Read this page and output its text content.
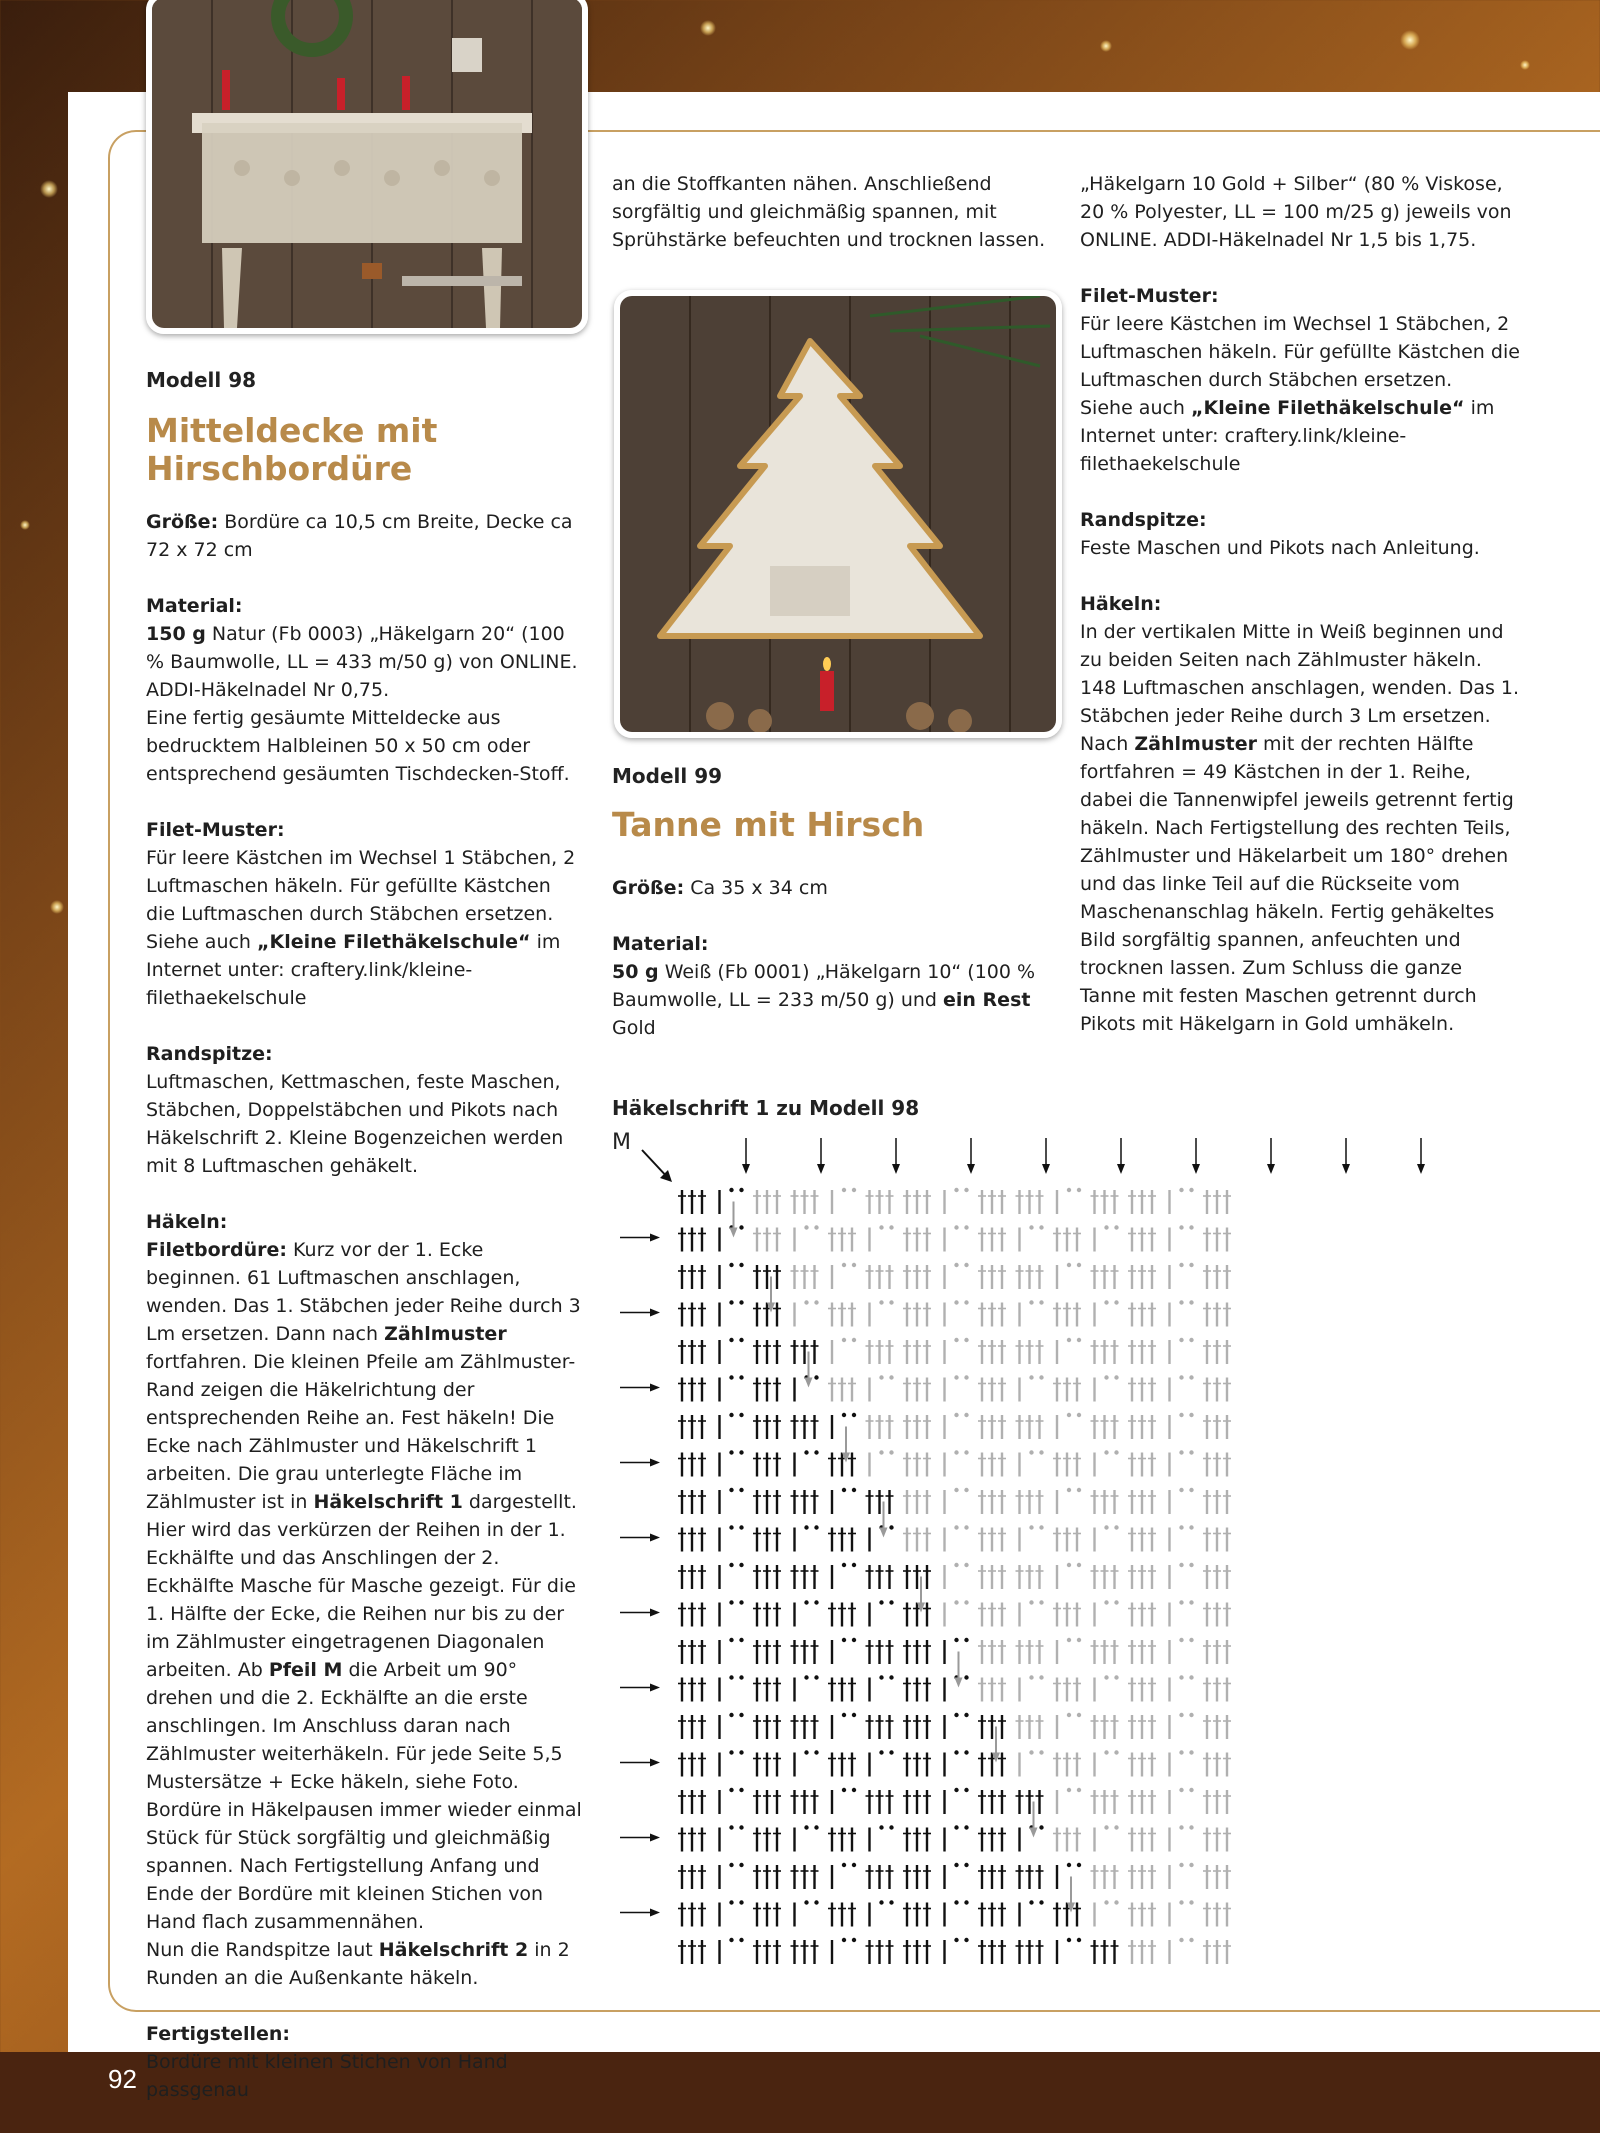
92
Modell 98
Mitteldecke mit
Hirschbordüre

Größe: Bordüre ca 10,5 cm Breite, Decke ca 72 x 72 cm

Material:

150 g Natur (Fb 0003) „Häkelgarn 20“ (100 % Baumwolle, LL = 433 m/50 g) von ONLINE. ADDI-Häkelnadel Nr 0,75.

Eine fertig gesäumte Mitteldecke aus bedrucktem Halbleinen 50 x 50 cm oder entsprechend gesäumten Tischdecken-Stoff.

Filet-Muster:

Für leere Kästchen im Wechsel 1 Stäbchen, 2 Luftmaschen häkeln. Für gefüllte Kästchen die Luftmaschen durch Stäbchen ersetzen.

Siehe auch „Kleine Filethäkelschule“ im Internet unter: craftery.link/kleine-filethaekelschule

Randspitze:

Luftmaschen, Kettmaschen, feste Maschen, Stäbchen, Doppelstäbchen und Pikots nach Häkelschrift 2. Kleine Bogenzeichen werden mit 8 Luftmaschen gehäkelt.

Häkeln:

Filetbordüre: Kurz vor der 1. Ecke beginnen. 61 Luftmaschen anschlagen, wenden. Das 1. Stäbchen jeder Reihe durch 3 Lm ersetzen. Dann nach Zählmuster fortfahren. Die kleinen Pfeile am Zählmuster-Rand zeigen die Häkelrichtung der entsprechenden Reihe an. Fest häkeln! Die Ecke nach Zählmuster und Häkelschrift 1 arbeiten. Die grau unterlegte Fläche im Zählmuster ist in Häkelschrift 1 dargestellt. Hier wird das verkürzen der Reihen in der 1. Eckhälfte und das Anschlingen der 2. Eckhälfte Masche für Masche gezeigt. Für die 1. Hälfte der Ecke, die Reihen nur bis zu der im Zählmuster eingetragenen Diagonalen arbeiten. Ab Pfeil M die Arbeit um 90° drehen und die 2. Eckhälfte an die erste anschlingen. Im Anschluss daran nach Zählmuster weiterhäkeln. Für jede Seite 5,5 Mustersätze + Ecke häkeln, siehe Foto. Bordüre in Häkelpausen immer wieder einmal Stück für Stück sorgfältig und gleichmäßig spannen. Nach Fertigstellung Anfang und Ende der Bordüre mit kleinen Stichen von Hand flach zusammennähen.

Nun die Randspitze laut Häkelschrift 2 in 2 Runden an die Außenkante häkeln.

Fertigstellen:

Bordüre mit kleinen Stichen von Hand passgenau

an die Stoffkanten nähen. Anschließend sorgfältig und gleichmäßig spannen, mit Sprühstärke befeuchten und trocknen lassen.

Modell 99
Tanne mit Hirsch

Größe: Ca 35 x 34 cm

Material:

50 g Weiß (Fb 0001) „Häkelgarn 10“ (100 % Baumwolle, LL = 233 m/50 g) und ein Rest Gold

„Häkelgarn 10 Gold + Silber“ (80 % Viskose, 20 % Polyester, LL = 100 m/25 g) jeweils von ONLINE. ADDI-Häkelnadel Nr 1,5 bis 1,75.

Filet-Muster:

Für leere Kästchen im Wechsel 1 Stäbchen, 2 Luftmaschen häkeln. Für gefüllte Kästchen die Luftmaschen durch Stäbchen ersetzen.

Siehe auch „Kleine Filethäkelschule“ im Internet unter: craftery.link/kleine-filethaekelschule

Randspitze:

Feste Maschen und Pikots nach Anleitung.

Häkeln:

In der vertikalen Mitte in Weiß beginnen und zu beiden Seiten nach Zählmuster häkeln. 148 Luftmaschen anschlagen, wenden. Das 1. Stäbchen jeder Reihe durch 3 Lm ersetzen. Nach Zählmuster mit der rechten Hälfte fortfahren = 49 Kästchen in der 1. Reihe, dabei die Tannenwipfel jeweils getrennt fertig häkeln. Nach Fertigstellung des rechten Teils, Zählmuster und Häkelarbeit um 180° drehen und das linke Teil auf die Rückseite vom Maschenanschlag häkeln. Fertig gehäkeltes Bild sorgfältig spannen, anfeuchten und trocknen lassen. Zum Schluss die ganze Tanne mit festen Maschen getrennt durch Pikots mit Häkelgarn in Gold umhäkeln.

Häkelschrift 1 zu Modell 98
M
